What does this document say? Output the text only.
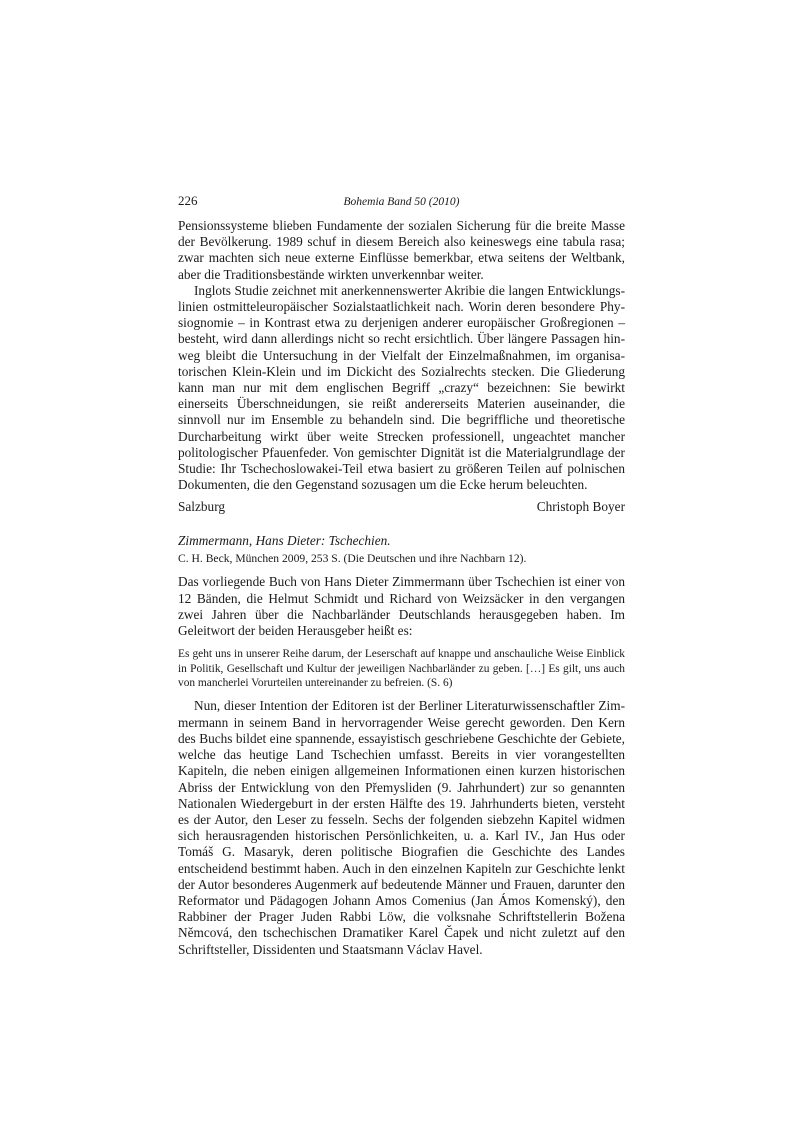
226	Bohemia Band 50 (2010)

Pensionssysteme blieben Fundamente der sozialen Sicherung für die breite Masse der Bevölkerung. 1989 schuf in diesem Bereich also keineswegs eine tabula rasa; zwar machten sich neue externe Einflüsse bemerkbar, etwa seitens der Weltbank, aber die Traditionsbestände wirkten unverkennbar weiter.

Inglots Studie zeichnet mit anerkennenswerter Akribie die langen Entwicklungslinien ostmitteleuropäischer Sozialstaatlichkeit nach. Worin deren besondere Physiognomie – in Kontrast etwa zu derjenigen anderer europäischer Großregionen – besteht, wird dann allerdings nicht so recht ersichtlich. Über längere Passagen hinweg bleibt die Untersuchung in der Vielfalt der Einzelmaßnahmen, im organisatorischen Klein-Klein und im Dickicht des Sozialrechts stecken. Die Gliederung kann man nur mit dem englischen Begriff „crazy“ bezeichnen: Sie bewirkt einerseits Überschneidungen, sie reißt andererseits Materien auseinander, die sinnvoll nur im Ensemble zu behandeln sind. Die begriffliche und theoretische Durcharbeitung wirkt über weite Strecken professionell, ungeachtet mancher politologischer Pfauenfeder. Von gemischter Dignität ist die Materialgrundlage der Studie: Ihr Tschechoslowakei-Teil etwa basiert zu größeren Teilen auf polnischen Dokumenten, die den Gegenstand sozusagen um die Ecke herum beleuchten.

Salzburg	Christoph Boyer
Zimmermann, Hans Dieter: Tschechien.
C. H. Beck, München 2009, 253 S. (Die Deutschen und ihre Nachbarn 12).

Das vorliegende Buch von Hans Dieter Zimmermann über Tschechien ist einer von 12 Bänden, die Helmut Schmidt und Richard von Weizsäcker in den vergangen zwei Jahren über die Nachbarländer Deutschlands herausgegeben haben. Im Geleitwort der beiden Herausgeber heißt es:

Es geht uns in unserer Reihe darum, der Leserschaft auf knappe und anschauliche Weise Einblick in Politik, Gesellschaft und Kultur der jeweiligen Nachbarländer zu geben. […] Es gilt, uns auch von mancherlei Vorurteilen untereinander zu befreien. (S. 6)

Nun, dieser Intention der Editoren ist der Berliner Literaturwissenschaftler Zimmermann in seinem Band in hervorragender Weise gerecht geworden. Den Kern des Buchs bildet eine spannende, essayistisch geschriebene Geschichte der Gebiete, welche das heutige Land Tschechien umfasst. Bereits in vier vorangestellten Kapiteln, die neben einigen allgemeinen Informationen einen kurzen historischen Abriss der Entwicklung von den Přemysliden (9. Jahrhundert) zur so genannten Nationalen Wiedergeburt in der ersten Hälfte des 19. Jahrhunderts bieten, versteht es der Autor, den Leser zu fesseln. Sechs der folgenden siebzehn Kapitel widmen sich herausragenden historischen Persönlichkeiten, u. a. Karl IV., Jan Hus oder Tomáš G. Masaryk, deren politische Biografien die Geschichte des Landes entscheidend bestimmt haben. Auch in den einzelnen Kapiteln zur Geschichte lenkt der Autor besonderes Augenmerk auf bedeutende Männer und Frauen, darunter den Reformator und Pädagogen Johann Amos Comenius (Jan Ámos Komenský), den Rabbiner der Prager Juden Rabbi Löw, die volksnahe Schriftstellerin Božena Němcová, den tschechischen Dramatiker Karel Čapek und nicht zuletzt auf den Schriftsteller, Dissidenten und Staatsmann Václav Havel.
